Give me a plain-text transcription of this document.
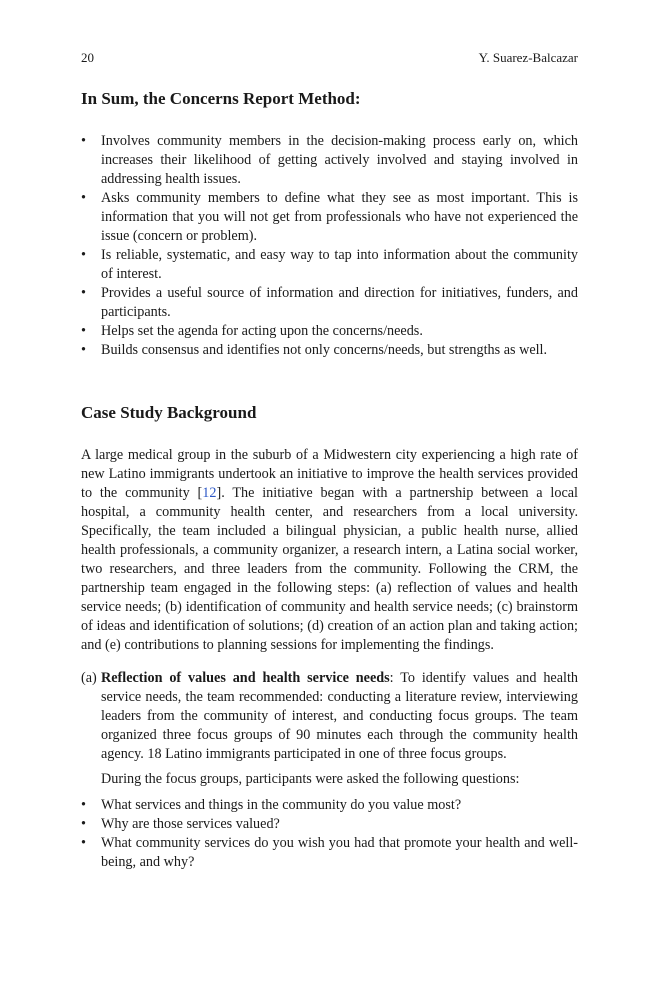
20	Y. Suarez-Balcazar
In Sum, the Concerns Report Method:
• Involves community members in the decision-making process early on, which increases their likelihood of getting actively involved and staying involved in addressing health issues.
• Asks community members to define what they see as most important. This is information that you will not get from professionals who have not experienced the issue (concern or problem).
• Is reliable, systematic, and easy way to tap into information about the community of interest.
• Provides a useful source of information and direction for initiatives, funders, and participants.
• Helps set the agenda for acting upon the concerns/needs.
• Builds consensus and identifies not only concerns/needs, but strengths as well.
Case Study Background

A large medical group in the suburb of a Midwestern city experiencing a high rate of new Latino immigrants undertook an initiative to improve the health services provided to the community [12]. The initiative began with a partnership between a local hospital, a community health center, and researchers from a local university. Specifically, the team included a bilingual physician, a public health nurse, allied health professionals, a community organizer, a research intern, a Latina social worker, two researchers, and three leaders from the community. Following the CRM, the partnership team engaged in the following steps: (a) reflection of values and health service needs; (b) identification of community and health service needs; (c) brainstorm of ideas and identification of solutions; (d) creation of an action plan and taking action; and (e) contributions to planning sessions for implementing the findings.

(a) Reflection of values and health service needs: To identify values and health service needs, the team recommended: conducting a literature review, interviewing leaders from the community of interest, and conducting focus groups. The team organized three focus groups of 90 minutes each through the community health agency. 18 Latino immigrants participated in one of three focus groups.

During the focus groups, participants were asked the following questions:

• What services and things in the community do you value most?
• Why are those services valued?
• What community services do you wish you had that promote your health and well-being, and why?
